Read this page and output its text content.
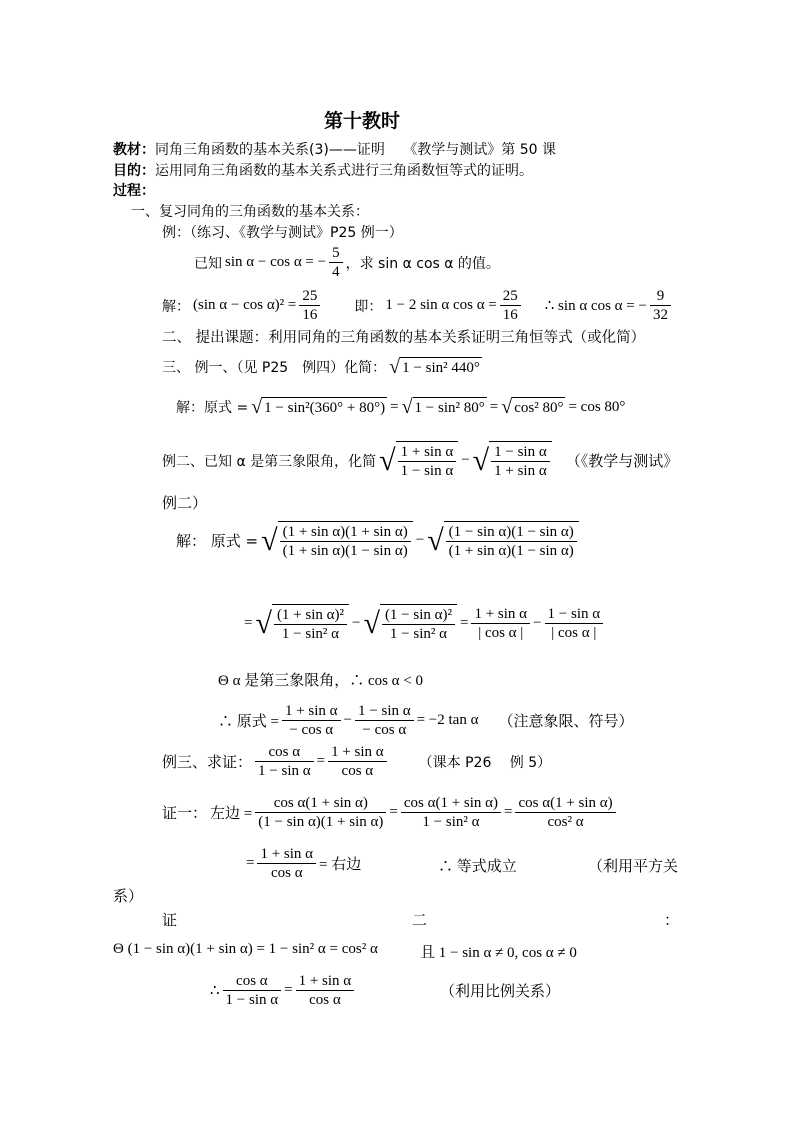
第十教时
教材：同角三角函数的基本关系(3)——证明　 《教学与测试》第 50 课
目的：运用同角三角函数的基本关系式进行三角函数恒等式的证明。
过程：
一、复习同角的三角函数的基本关系：
例：（练习、《教学与测试》P25 例一）
已知 sin α − cos α = − $\frac{5}{4}$ ，求 sin α cos α 的值。
解： (sin $\alpha - \cos \alpha)^2 = \frac{25}{16}$ 即： 1 − 2 sin α $\cos \alpha = \frac{25}{16}$ ∴ sin α cos α = − $\frac{9}{32}$
二、 提出课题：利用同角的三角函数的基本关系证明三角恒等式（或化简）
三、 例一、（见 P25　例四）化简： √ 1 − sin² 440°
解：原式 = √ 1 − sin²(360° + 80°) = √ 1 − sin² 80° = √ cos² 80° = cos 80°
例二、已知 α 是第三象限角，化简 √ $\frac{\text{1 + sin α}}{\text{1 − sin α}}$ − √ $\frac{\text{1 − sin α}}{\text{1 + sin α}}$ （《教学与测试》
例二）
解： 原式 = √ $\frac{\text{(1 + sin α)(1 + sin α)}}{\text{(1 + sin α)(1 − sin α)}}$ − √ $\frac{\text{(1 − sin α)(1 − sin α)}}{\text{(1 + sin α)(1 − sin α)}}$
= √ $\frac{\text{(1 + sin α)²}}{\text{1 − sin² α}}$ − √ $\frac{\text{(1 − sin α)²}}{\text{1 − sin² α}} = \frac{\text{1 + sin α}}{\text{| cos α |}} - \frac{\text{1 − sin α}}{\text{| cos α |}}$
Θ α 是第三象限角，∴ cos α < 0
∴ 原式 = $\frac{\text{1 + sin α}}{\text{− cos α}} - \frac{\text{1 − sin α}}{\text{− cos α}} = -2$ tan α （注意象限、符号）
例三、求证： $\frac{\text{cos α}}{\text{1 − sin α}} = \frac{\text{1 + sin α}}{\text{cos α}}$ （课本 P26　 例 5）
证一： 左边 = $\frac{\text{cos α(1 + sin α)}}{\text{(1 − sin α)(1 + sin α)}} = \frac{\text{cos α(1 + sin α)}}{\text{1 − sin² α}} = \frac{\text{cos α(1 + sin α)}}{\text{cos² α}}$
= $\frac{\text{1 + sin α}}{\text{cos α}}$ = 右边	∴ 等式成立	（利用平方关
系）
证	二	：
Θ (1 − sin α)(1 + sin α) = 1 − sin² α = cos² α	且 1 − sin α ≠ 0, cos α ≠ 0
∴ $\frac{\text{cos α}}{\text{1 − sin α}} = \frac{\text{1 + sin α}}{\text{cos α}}$	（利用比例关系）
